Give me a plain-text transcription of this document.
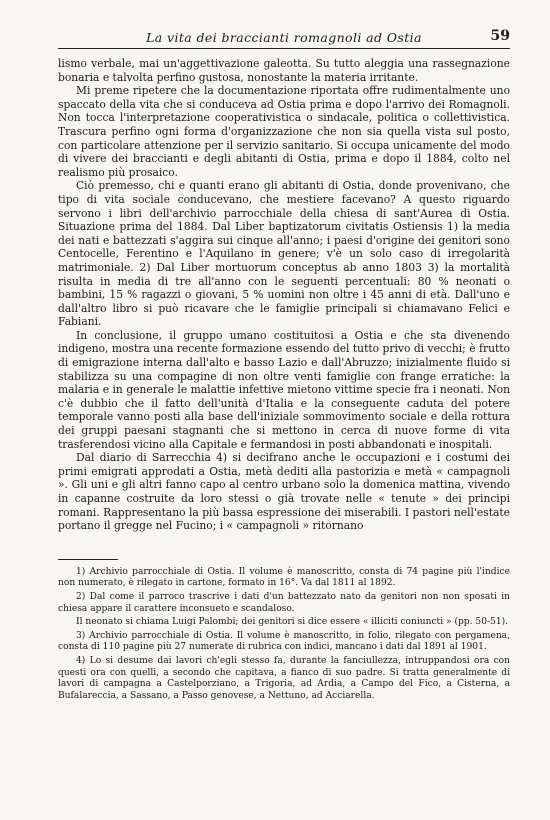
La vita dei braccianti romagnoli ad Ostia	59

lismo verbale, mai un'aggettivazione galeotta. Su tutto aleggia una rassegnazione bonaria e talvolta perfino gustosa, nonostante la materia irritante.

Mi preme ripetere che la documentazione riportata offre rudimentalmente uno spaccato della vita che si conduceva ad Ostia prima e dopo l'arrivo dei Romagnoli. Non tocca l'interpretazione cooperativistica o sindacale, politica o collettivistica. Trascura perfino ogni forma d'organizzazione che non sia quella vista sul posto, con particolare attenzione per il servizio sanitario. Si occupa unicamente del modo di vivere dei braccianti e degli abitanti di Ostia, prima e dopo il 1884, colto nel realismo più prosaico.

Ciò premesso, chi e quanti erano gli abitanti di Ostia, donde provenivano, che tipo di vita sociale conducevano, che mestiere facevano? A questo riguardo servono i libri dell'archivio parrocchiale della chiesa di sant'Aurea di Ostia. Situazione prima del 1884. Dal Liber baptizatorum civitatis Ostiensis 1) la media dei nati e battezzati s'aggira sui cinque all'anno; i paesi d'origine dei genitori sono Centocelle, Ferentino e l'Aquilano in genere; v'è un solo caso di irregolarità matrimoniale. 2) Dal Liber mortuorum conceptus ab anno 1803 3) la mortalità risulta in media di tre all'anno con le seguenti percentuali: 80 % neonati o bambini, 15 % ragazzi o giovani, 5 % uomini non oltre i 45 anni di età. Dall'uno e dall'altro libro si può ricavare che le famiglie principali si chiamavano Felici e Fabiani.

In conclusione, il gruppo umano costituitosi a Ostia e che sta divenendo indigeno, mostra una recente formazione essendo del tutto privo di vecchi; è frutto di emigrazione interna dall'alto e basso Lazio e dall'Abruzzo; inizialmente fluido si stabilizza su una compagine di non oltre venti famiglie con frange erratiche: la malaria e in generale le malattie infettive mietono vittime specie fra i neonati. Non c'è dubbio che il fatto dell'unità d'Italia e la conseguente caduta del potere temporale vanno posti alla base dell'iniziale sommovimento sociale e della rottura dei gruppi paesani stagnanti che si mettono in cerca di nuove forme di vita trasferendosi vicino alla Capitale e fermandosi in posti abbandonati e inospitali.

Dal diario di Sarrecchia 4) si decifrano anche le occupazioni e i costumi dei primi emigrati approdati a Ostia, metà dediti alla pastorizia e metà « campagnoli ». Gli uni e gli altri fanno capo al centro urbano solo la domenica mattina, vivendo in capanne costruite da loro stessi o già trovate nelle « tenute » dei principi romani. Rappresentano la più bassa espressione dei miserabili. I pastori nell'estate portano il gregge nel Fucino; i « campagnoli » ritornano

1) Archivio parrocchiale di Ostia. Il volume è manoscritto, consta di 74 pagine più l'indice non numerato, è rilegato in cartone, formato in 16°. Va dal 1811 al 1892.

2) Dal come il parroco trascrive i dati d'un battezzato nato da genitori non non sposati in chiesa appare il carattere inconsueto e scandaloso.

Il neonato si chiama Luigi Palombi; dei genitori si dice essere « illiciti coniuncti » (pp. 50-51).

3) Archivio parrocchiale di Ostia. Il volume è manoscritto, in folio, rilegato con pergamena, consta di 110 pagine più 27 numerate di rubrica con indici, mancano i dati dal 1891 al 1901.

4) Lo si desume dai lavori ch'egli stesso fa, durante la fanciullezza, intruppandosi ora con questi ora con quelli, a secondo che capitava, a fianco di suo padre. Si tratta generalmente di lavori di campagna a Castelporziano, a Trigoria, ad Ardia, a Campo del Fico, a Cisterna, a Bufalareccia, a Sassano, a Passo genovese, a Nettuno, ad Acciarella.
